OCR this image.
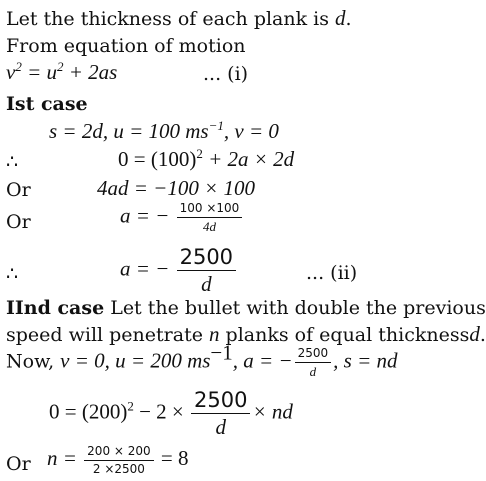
Let the thickness of each plank is d.
From equation of motion
$v^2 = u^2 + 2as$	... (i)
Ist case
s = 2d, u = 100 $ms^{-1}$, v = 0
∴	$0 = (100)^2 + 2a \times 2d$
Or	4ad = −100 × 100
Or	a = − $\frac{100 \times 100}{4d}$
∴	a = − $\frac{2500}{d}$	... (ii)
IInd case Let the bullet with double the previous
speed will penetrate n planks of equal thicknessd.
Now, v = 0, u = 200 $ms^{-1}$, a = − $\frac{2500}{d}$ , s = nd
$0 = (200)^2 - 2 \times \frac{2500}{d}$ × nd
Or $n = \frac{200 \times 200}{2 \times 2500} = 8$
